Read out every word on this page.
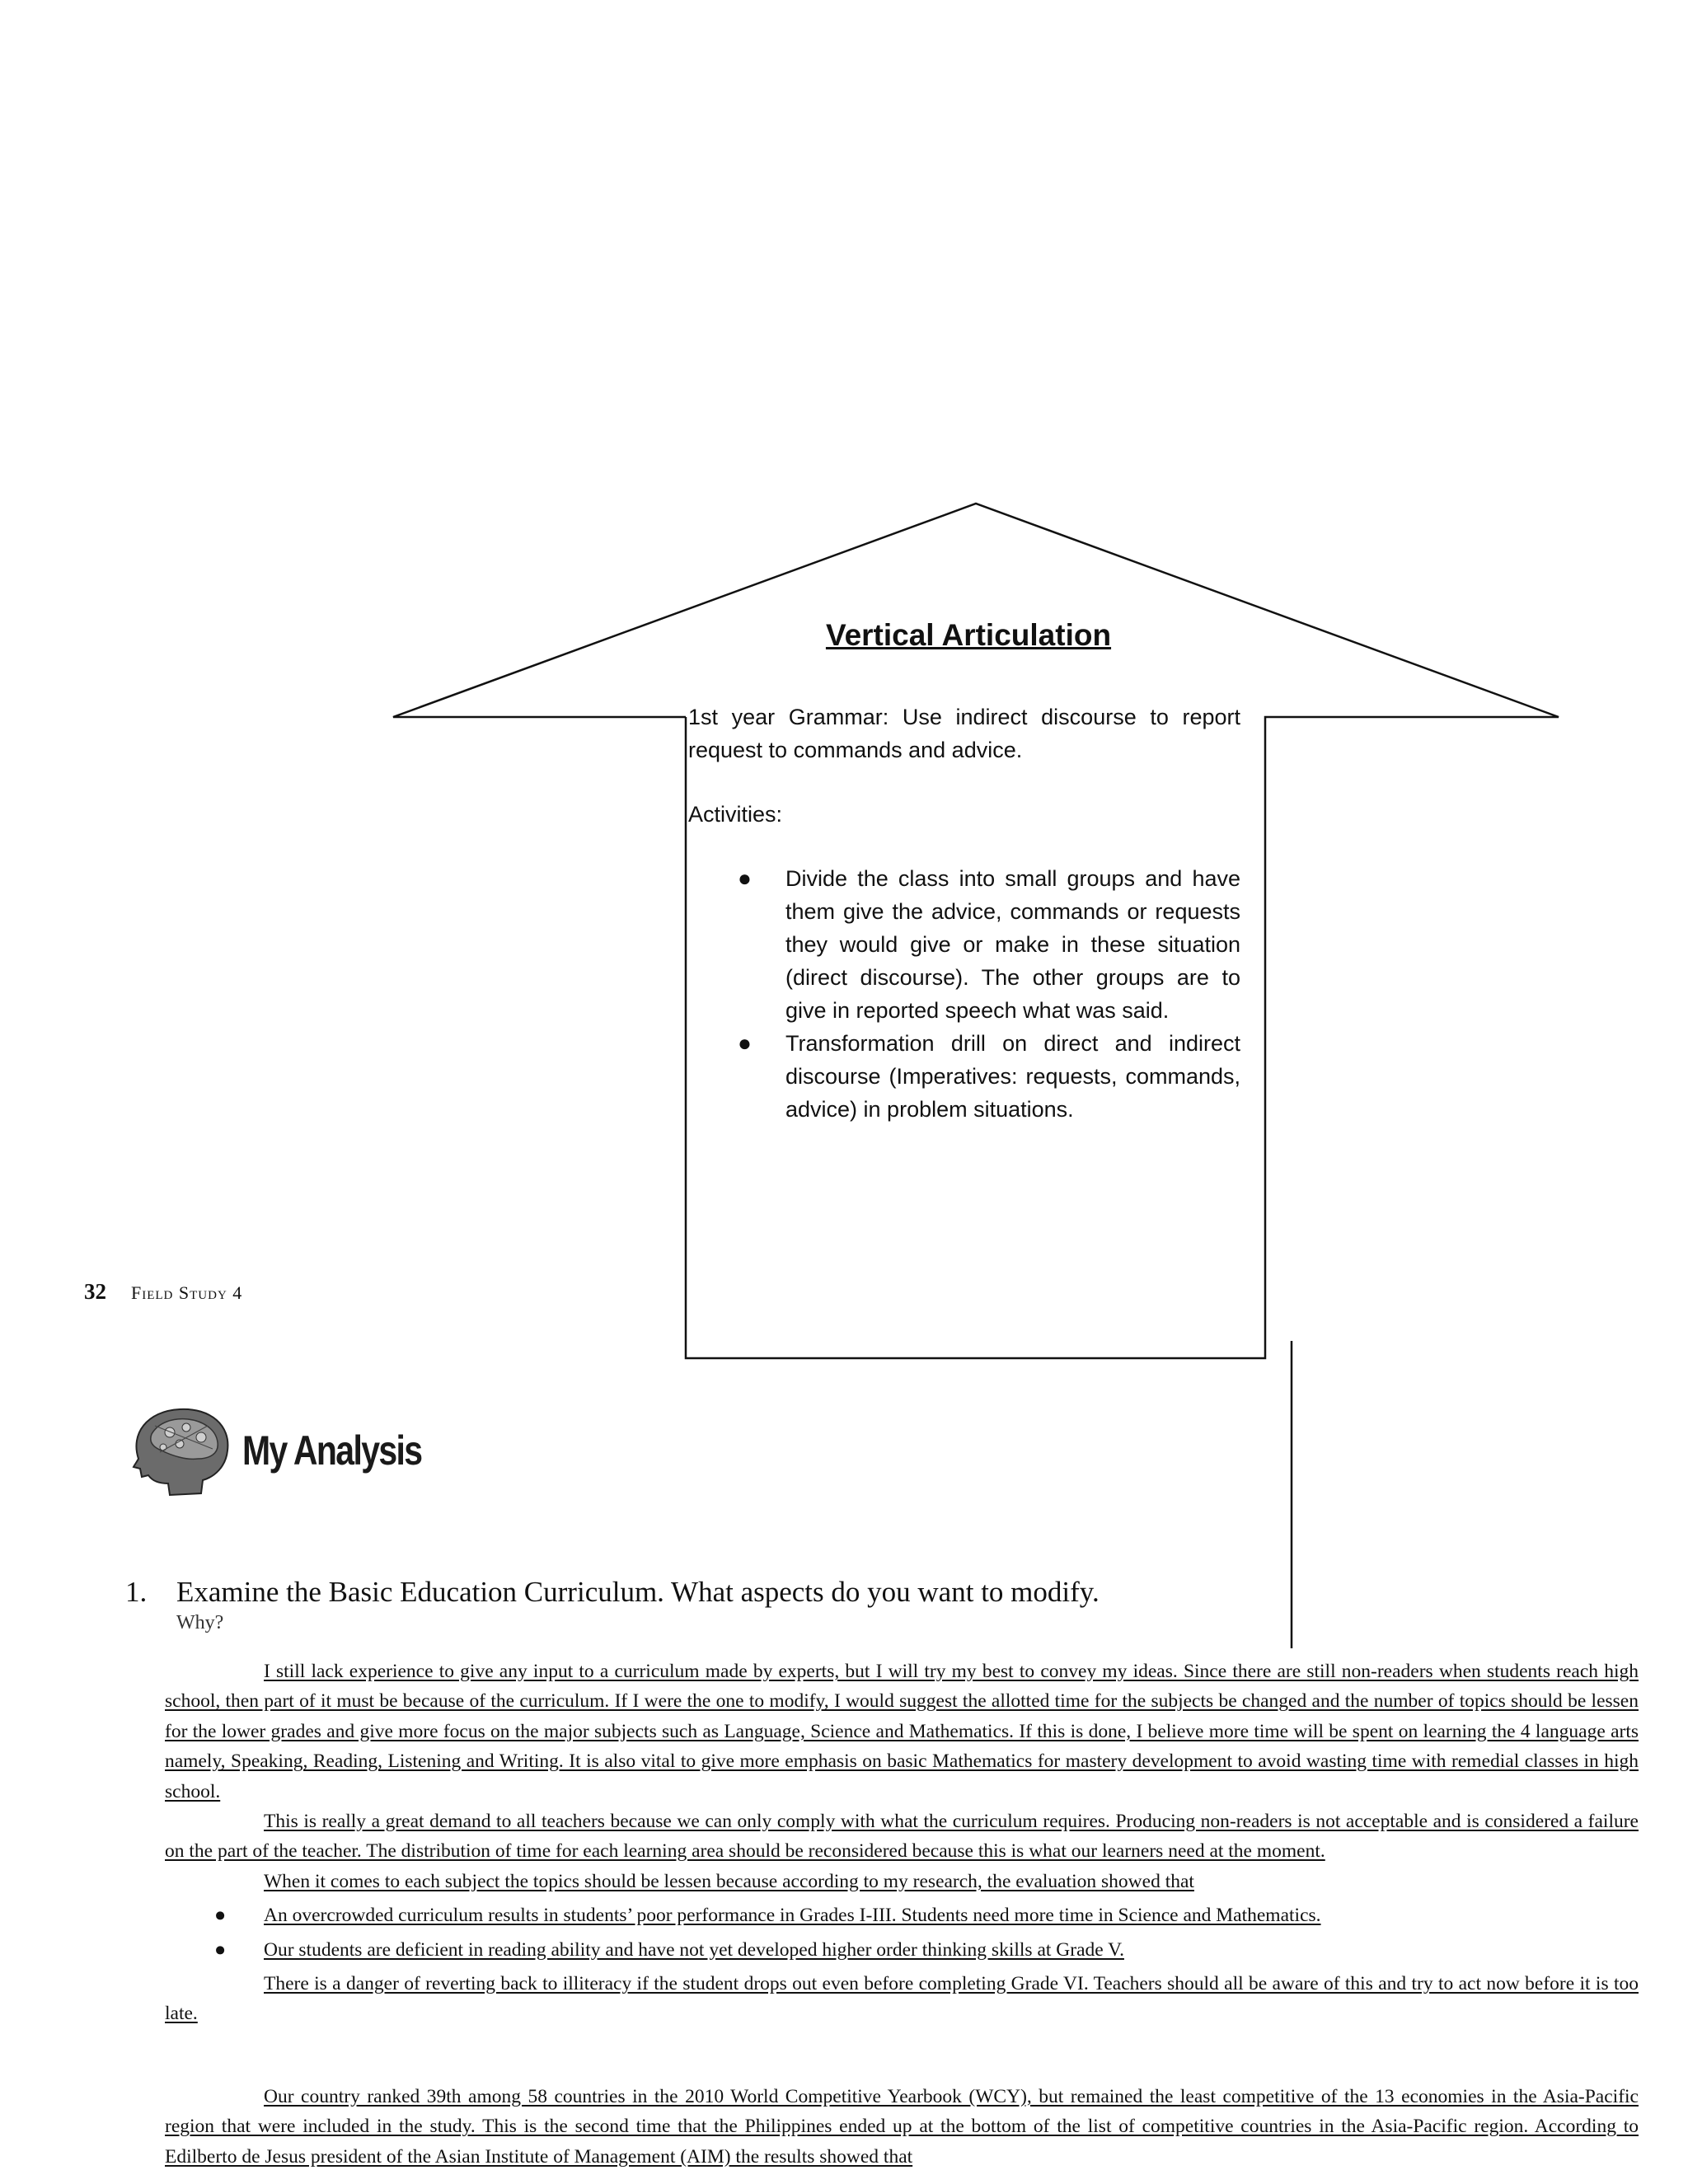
Vertical Articulation

1st year Grammar: Use indirect discourse to report request to commands and advice.

Activities:

● Divide the class into small groups and have them give the advice, commands or requests they would give or make in these situation (direct discourse). The other groups are to give in reported speech what was said.
● Transformation drill on direct and indirect discourse (Imperatives: requests, commands, advice) in problem situations.
32 Field Study 4
My Analysis
1. Examine the Basic Education Curriculum. What aspects do you want to modify.
Why?

I still lack experience to give any input to a curriculum made by experts, but I will try my best to convey my ideas. Since there are still non-readers when students reach high school, then part of it must be because of the curriculum. If I were the one to modify, I would suggest the allotted time for the subjects be changed and the number of topics should be lessen for the lower grades and give more focus on the major subjects such as Language, Science and Mathematics. If this is done, I believe more time will be spent on learning the 4 language arts namely, Speaking, Reading, Listening and Writing. It is also vital to give more emphasis on basic Mathematics for mastery development to avoid wasting time with remedial classes in high school.

This is really a great demand to all teachers because we can only comply with what the curriculum requires. Producing non-readers is not acceptable and is considered a failure on the part of the teacher. The distribution of time for each learning area should be reconsidered because this is what our learners need at the moment.

When it comes to each subject the topics should be lessen because according to my research, the evaluation showed that

● An overcrowded curriculum results in students’ poor performance in Grades I-III. Students need more time in Science and Mathematics.
● Our students are deficient in reading ability and have not yet developed higher order thinking skills at Grade V.

There is a danger of reverting back to illiteracy if the student drops out even before completing Grade VI. Teachers should all be aware of this and try to act now before it is too late.

Our country ranked 39th among 58 countries in the 2010 World Competitive Yearbook (WCY), but remained the least competitive of the 13 economies in the Asia-Pacific region that were included in the study. This is the second time that the Philippines ended up at the bottom of the list of competitive countries in the Asia-Pacific region. According to Edilberto de Jesus president of the Asian Institute of Management (AIM) the results showed that
